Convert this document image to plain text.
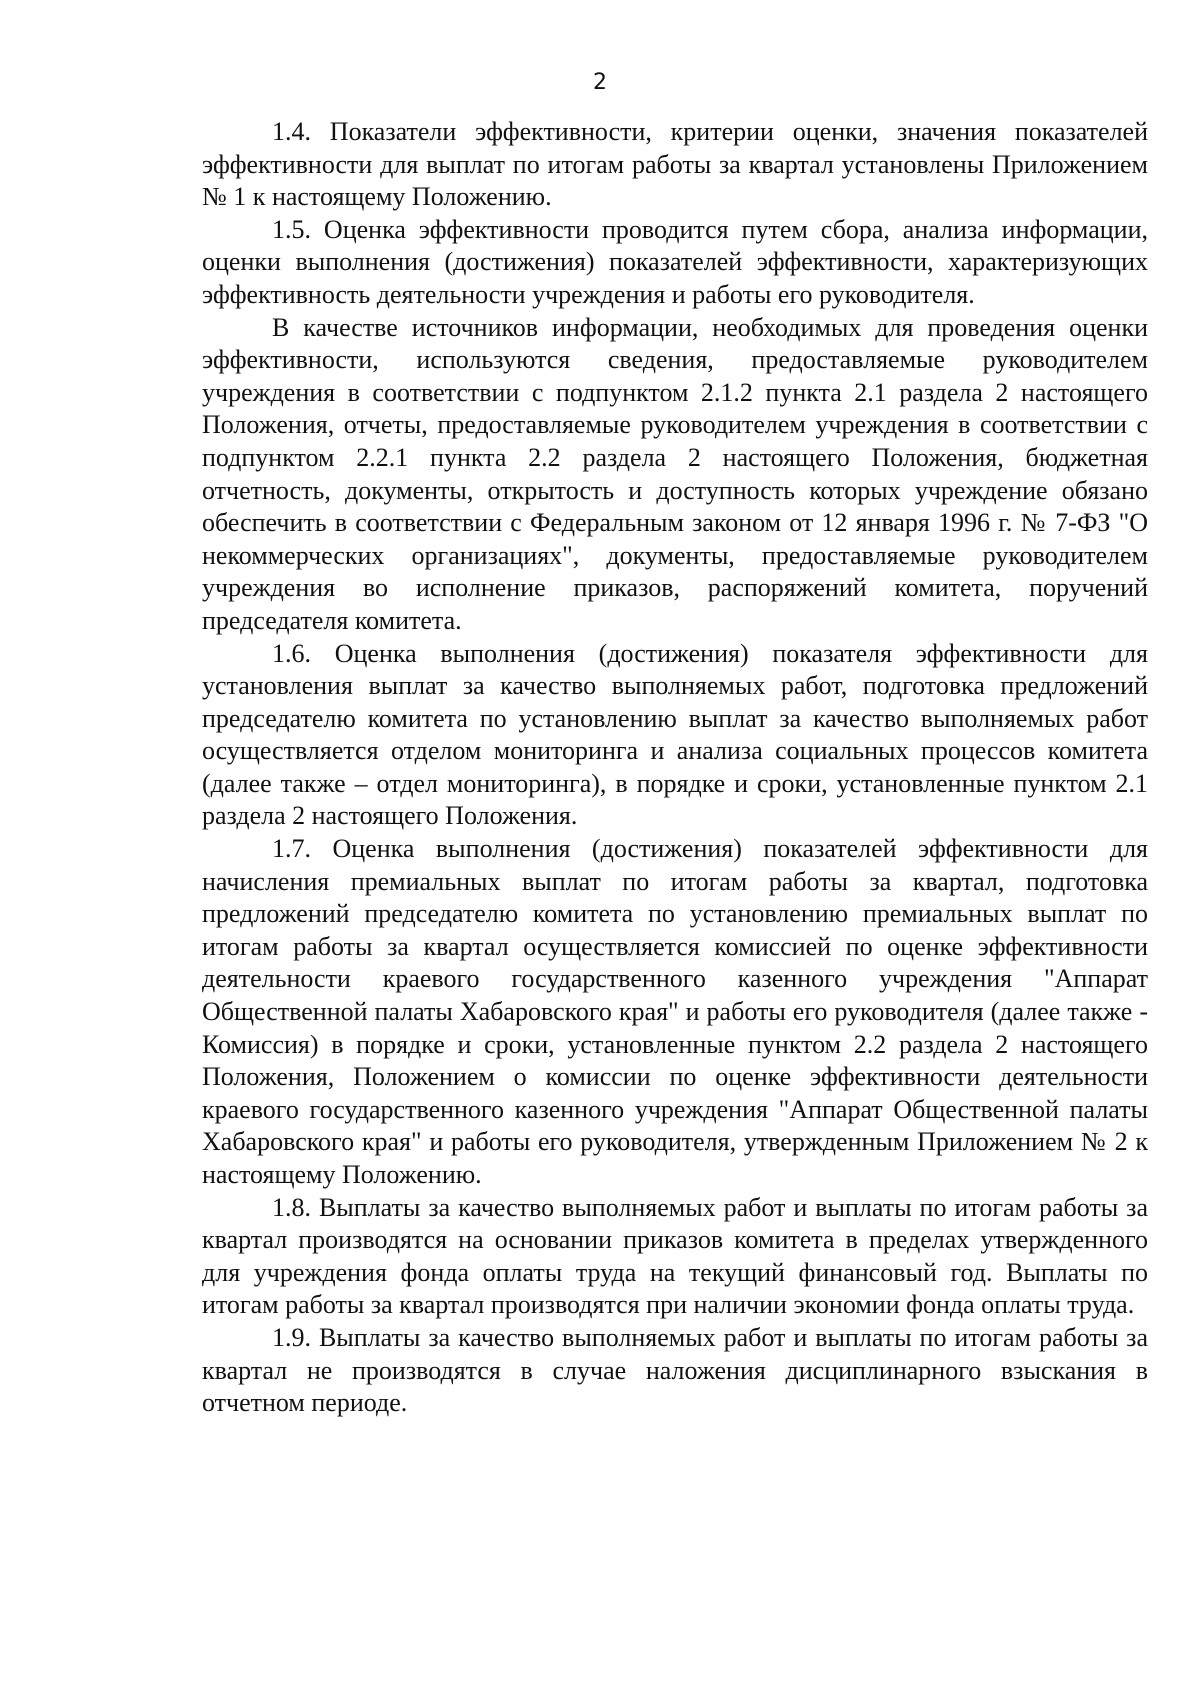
2

1.4. Показатели эффективности, критерии оценки, значения показателей эффективности для выплат по итогам работы за квартал установлены Приложением № 1 к настоящему Положению.

1.5. Оценка эффективности проводится путем сбора, анализа информации, оценки выполнения (достижения) показателей эффективности, характеризующих эффективность деятельности учреждения и работы его руководителя.

В качестве источников информации, необходимых для проведения оценки эффективности, используются сведения, предоставляемые руководителем учреждения в соответствии с подпунктом 2.1.2 пункта 2.1 раздела 2 настоящего Положения, отчеты, предоставляемые руководителем учреждения в соответствии с подпунктом 2.2.1 пункта 2.2 раздела 2 настоящего Положения, бюджетная отчетность, документы, открытость и доступность которых учреждение обязано обеспечить в соответствии с Федеральным законом от 12 января 1996 г. № 7-ФЗ "О некоммерческих организациях", документы, предоставляемые руководителем учреждения во исполнение приказов, распоряжений комитета, поручений председателя комитета.

1.6. Оценка выполнения (достижения) показателя эффективности для установления выплат за качество выполняемых работ, подготовка предложений председателю комитета по установлению выплат за качество выполняемых работ осуществляется отделом мониторинга и анализа социальных процессов комитета (далее также – отдел мониторинга), в порядке и сроки, установленные пунктом 2.1 раздела 2 настоящего Положения.

1.7. Оценка выполнения (достижения) показателей эффективности для начисления премиальных выплат по итогам работы за квартал, подготовка предложений председателю комитета по установлению премиальных выплат по итогам работы за квартал осуществляется комиссией по оценке эффективности деятельности краевого государственного казенного учреждения "Аппарат Общественной палаты Хабаровского края" и работы его руководителя (далее также - Комиссия) в порядке и сроки, установленные пунктом 2.2 раздела 2 настоящего Положения, Положением о комиссии по оценке эффективности деятельности краевого государственного казенного учреждения "Аппарат Общественной палаты Хабаровского края" и работы его руководителя, утвержденным Приложением № 2 к настоящему Положению.

1.8. Выплаты за качество выполняемых работ и выплаты по итогам работы за квартал производятся на основании приказов комитета в пределах утвержденного для учреждения фонда оплаты труда на текущий финансовый год. Выплаты по итогам работы за квартал производятся при наличии экономии фонда оплаты труда.

1.9. Выплаты за качество выполняемых работ и выплаты по итогам работы за квартал не производятся в случае наложения дисциплинарного взыскания в отчетном периоде.
